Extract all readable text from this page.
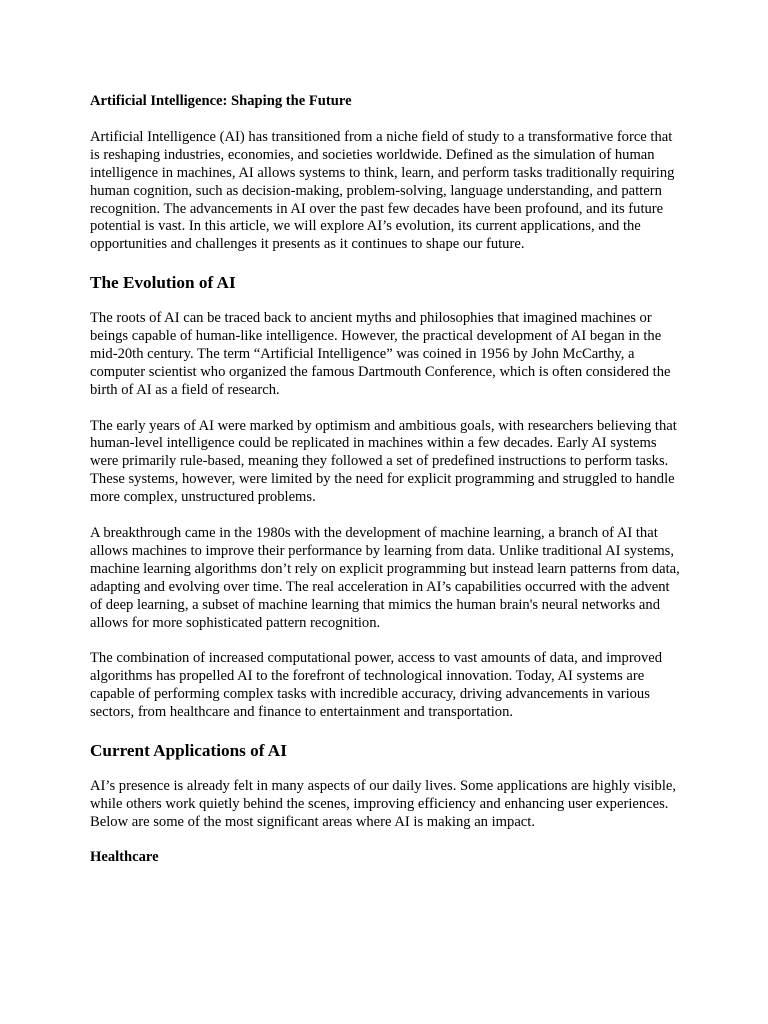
Artificial Intelligence: Shaping the Future

Artificial Intelligence (AI) has transitioned from a niche field of study to a transformative force that is reshaping industries, economies, and societies worldwide. Defined as the simulation of human intelligence in machines, AI allows systems to think, learn, and perform tasks traditionally requiring human cognition, such as decision-making, problem-solving, language understanding, and pattern recognition. The advancements in AI over the past few decades have been profound, and its future potential is vast. In this article, we will explore AI’s evolution, its current applications, and the opportunities and challenges it presents as it continues to shape our future.

The Evolution of AI

The roots of AI can be traced back to ancient myths and philosophies that imagined machines or beings capable of human-like intelligence. However, the practical development of AI began in the mid-20th century. The term “Artificial Intelligence” was coined in 1956 by John McCarthy, a computer scientist who organized the famous Dartmouth Conference, which is often considered the birth of AI as a field of research.

The early years of AI were marked by optimism and ambitious goals, with researchers believing that human-level intelligence could be replicated in machines within a few decades. Early AI systems were primarily rule-based, meaning they followed a set of predefined instructions to perform tasks. These systems, however, were limited by the need for explicit programming and struggled to handle more complex, unstructured problems.

A breakthrough came in the 1980s with the development of machine learning, a branch of AI that allows machines to improve their performance by learning from data. Unlike traditional AI systems, machine learning algorithms don’t rely on explicit programming but instead learn patterns from data, adapting and evolving over time. The real acceleration in AI’s capabilities occurred with the advent of deep learning, a subset of machine learning that mimics the human brain's neural networks and allows for more sophisticated pattern recognition.

The combination of increased computational power, access to vast amounts of data, and improved algorithms has propelled AI to the forefront of technological innovation. Today, AI systems are capable of performing complex tasks with incredible accuracy, driving advancements in various sectors, from healthcare and finance to entertainment and transportation.

Current Applications of AI

AI’s presence is already felt in many aspects of our daily lives. Some applications are highly visible, while others work quietly behind the scenes, improving efficiency and enhancing user experiences. Below are some of the most significant areas where AI is making an impact.

Healthcare
